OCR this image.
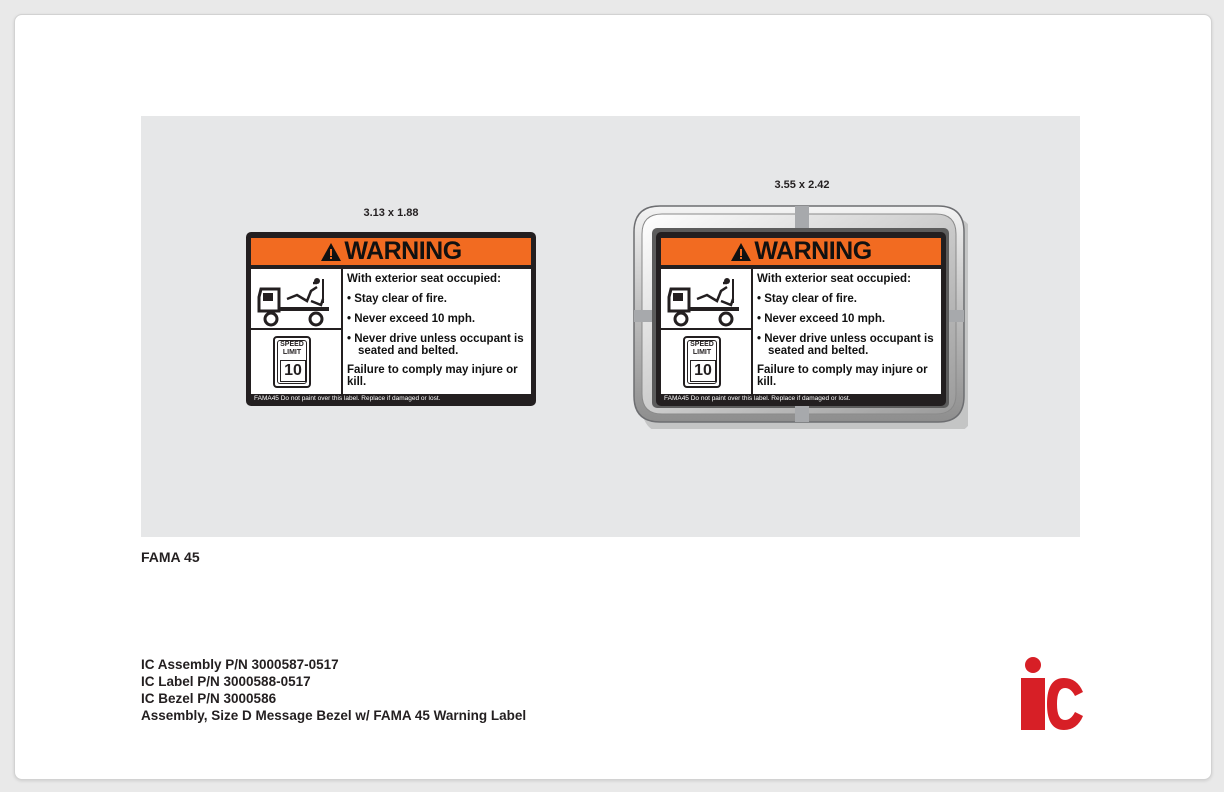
3.13 x 1.88
3.55 x 2.42
WARNING
SPEED
LIMIT
10
With exterior seat occupied:
• Stay clear of fire.
• Never exceed 10 mph.
• Never drive unless occupant is seated and belted.
Failure to comply may injure or kill.
FAMA45 Do not paint over this label. Replace if damaged or lost.
WARNING
SPEED
LIMIT
10
With exterior seat occupied:
• Stay clear of fire.
• Never exceed 10 mph.
• Never drive unless occupant is seated and belted.
Failure to comply may injure or kill.
FAMA45 Do not paint over this label. Replace if damaged or lost.
FAMA 45
IC Assembly P/N 3000587-0517
IC Label P/N 3000588-0517
IC Bezel P/N 3000586
Assembly, Size D Message Bezel w/ FAMA 45 Warning Label
